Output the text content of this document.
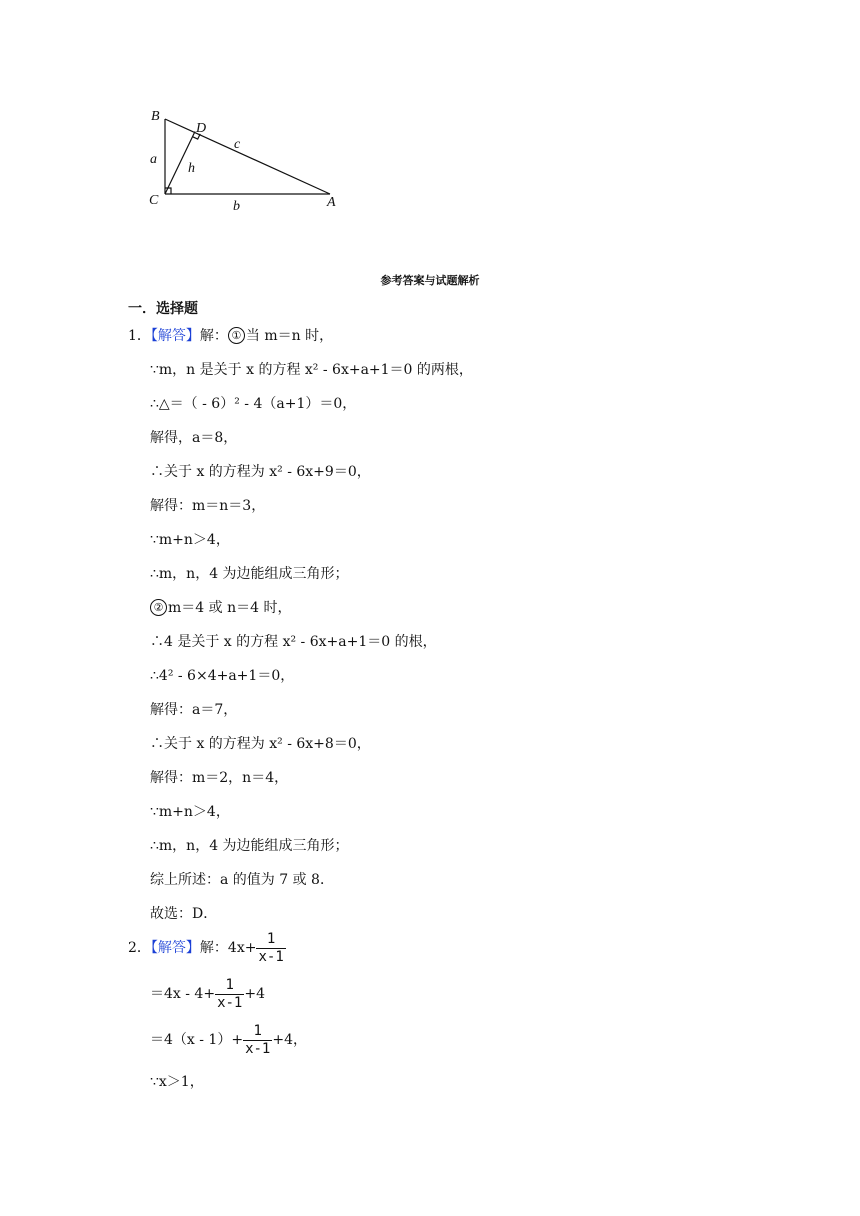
B
D
C	A
a
b
c
h
参考答案与试题解析
一．选择题
1．【解答】解： ① 当 m＝n 时，
∵m，n 是关于 x 的方程 x² - 6x+a+1＝0 的两根，
∴△＝（ - 6）² - 4（a+1）＝0，
解得，a＝8，
∴关于 x 的方程为 x² - 6x+9＝0，
解得：m＝n＝3，
∵m+n＞4，
∴m，n，4 为边能组成三角形；
② m＝4 或 n＝4 时，
∴4 是关于 x 的方程 x² - 6x+a+1＝0 的根，
∴4² - 6×4+a+1＝0，
解得：a＝7，
∴关于 x 的方程为 x² - 6x+8＝0，
解得：m＝2，n＝4，
∵m+n＞4，
∴m，n，4 为边能组成三角形；
综上所述：a 的值为 7 或 8．
故选：D．
2．【解答】解：$4x+ \frac{1}{x-1}$
$=4x - 4+ \frac{1}{x-1} +4$
$=4(x - 1)+ \frac{1}{x-1} +4$，
∵x＞1，
